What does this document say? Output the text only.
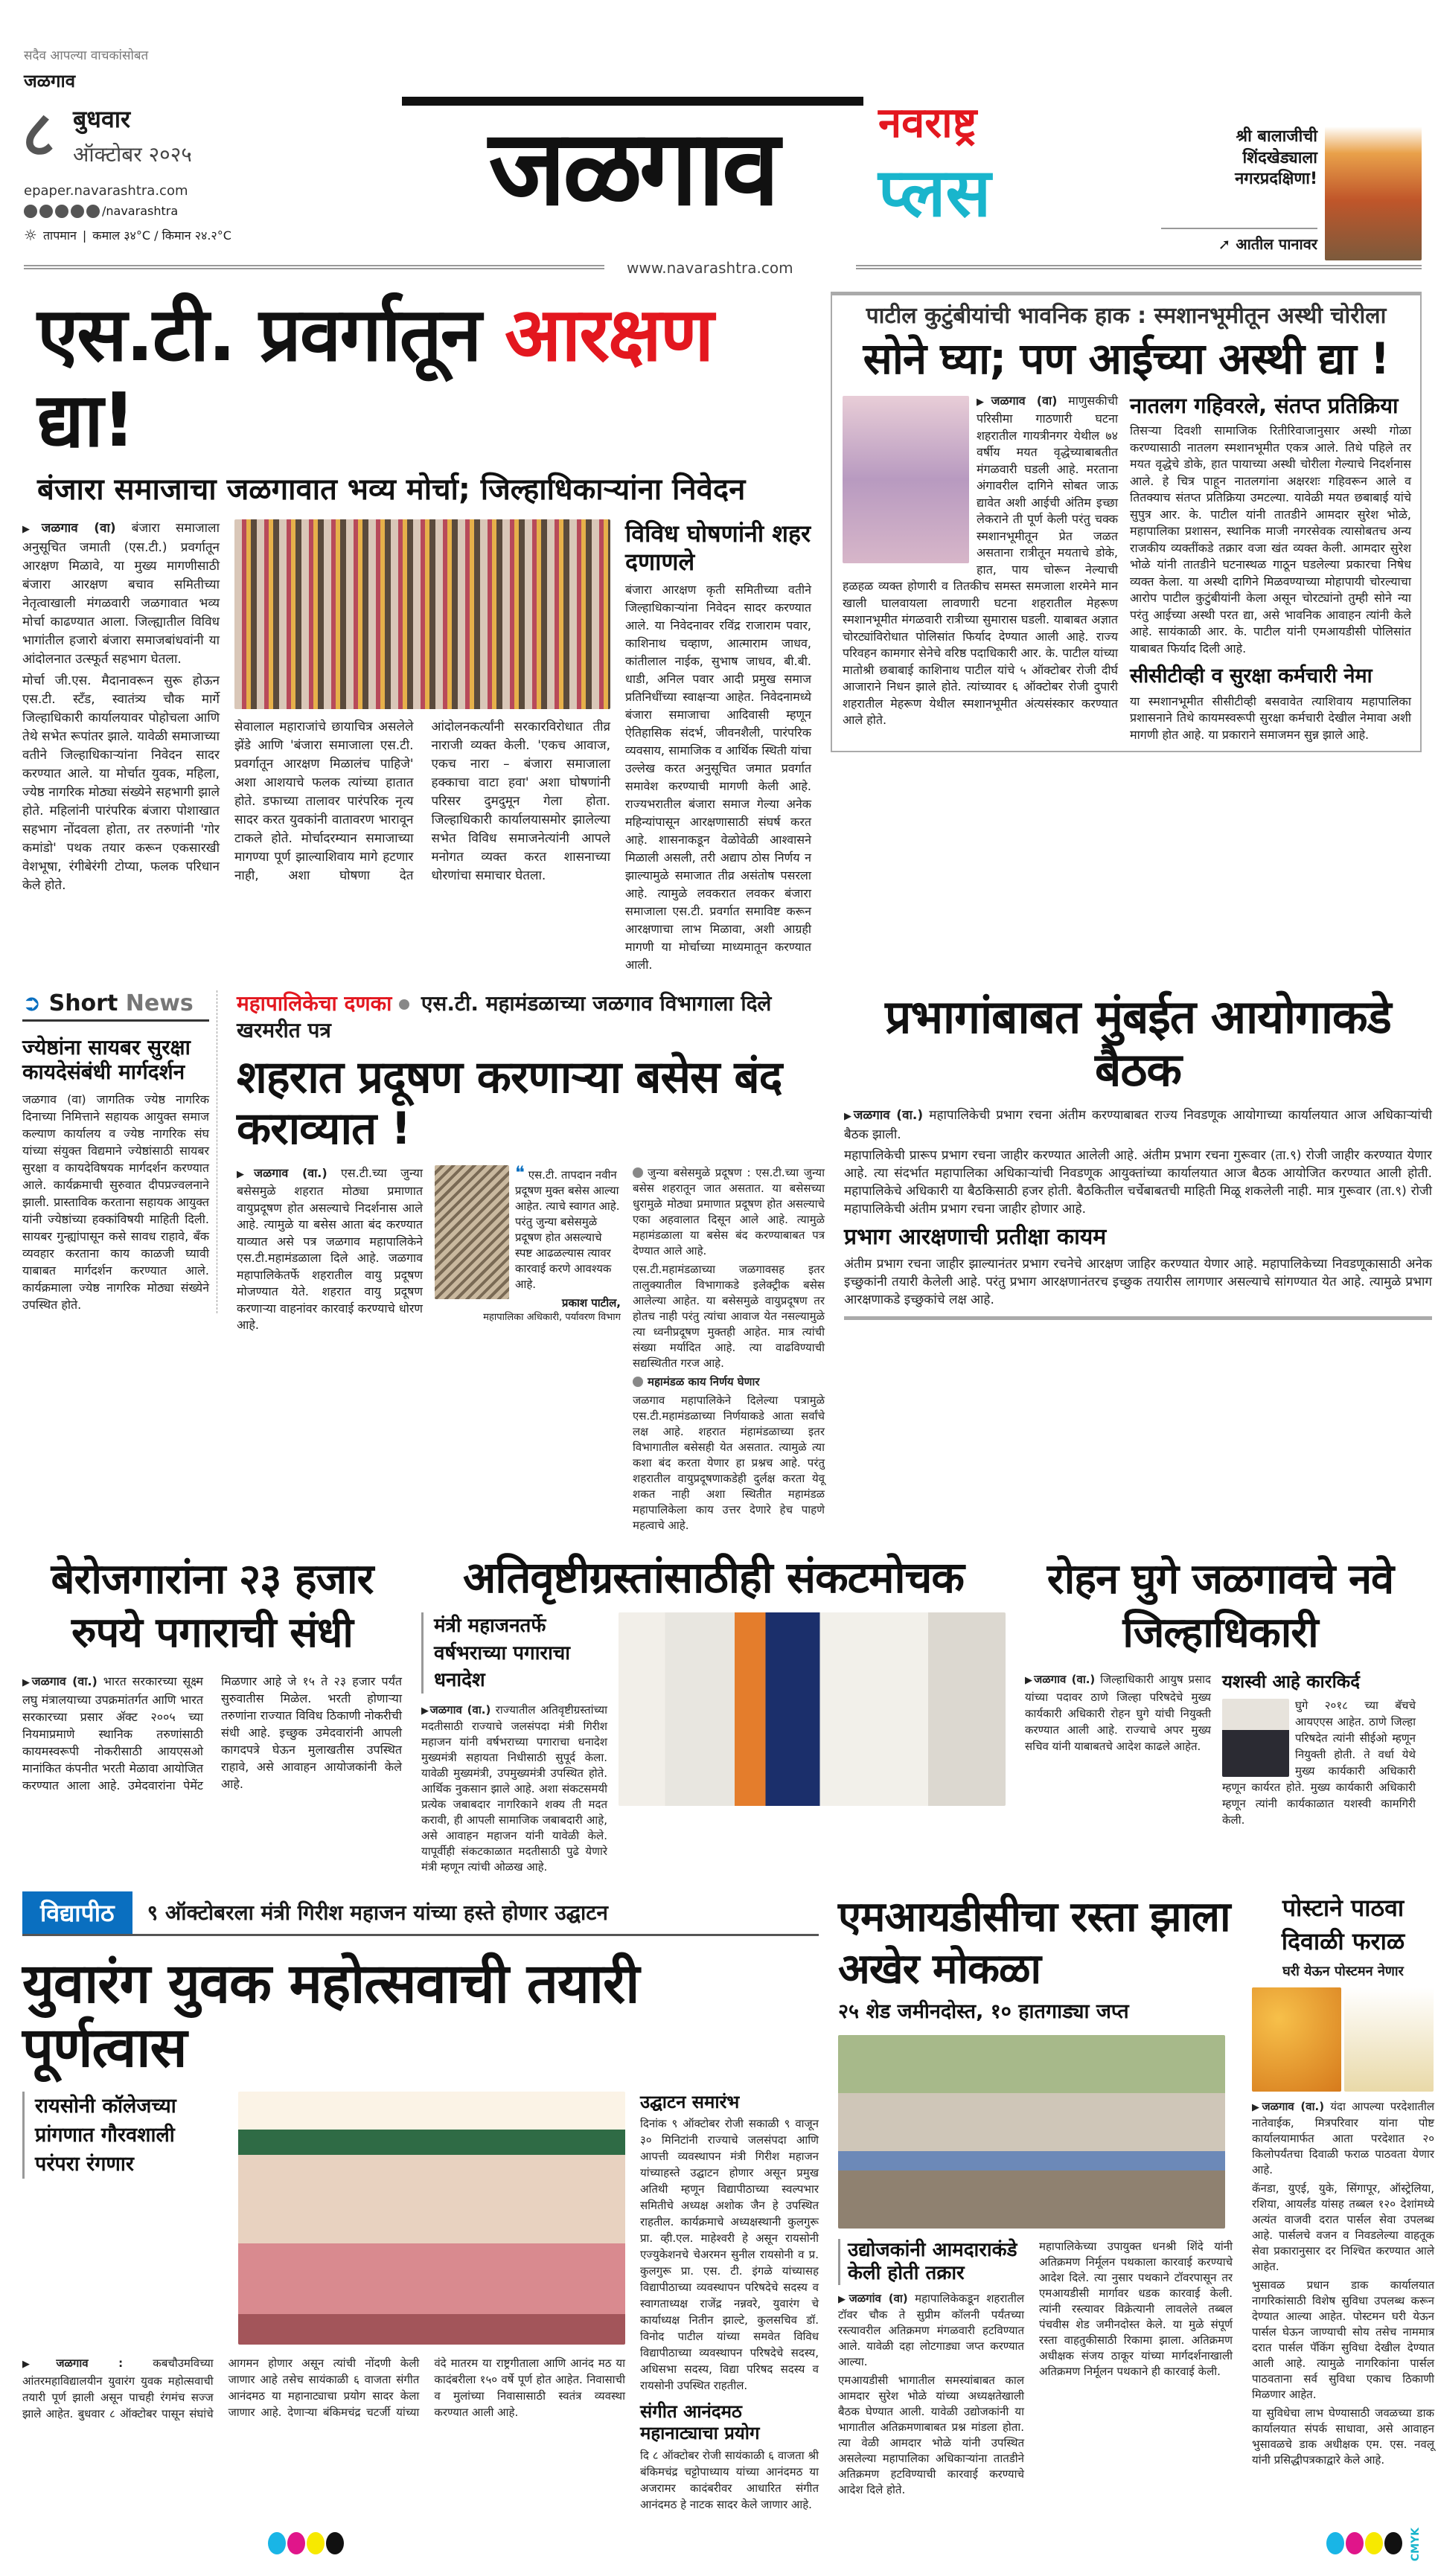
सदैव आपल्या वाचकांसोबत
जळगाव
८ बुधवार
ऑक्टोबर २०२५
epaper.navarashtra.com
/navarashtra
☼ तापमान | कमाल ३४°C / किमान २४.२°C
जळगाव	नवराष्ट्र
प्लस
श्री बालाजीची शिंदखेड्याला नगरप्रदक्षिणा!
➚ आतील पानावर
www.navarashtra.com
एस.टी. प्रवर्गातून आरक्षण द्या!
बंजारा समाजाचा जळगावात भव्य मोर्चा; जिल्हाधिकाऱ्यांना निवेदन

▶ जळगाव (वा) बंजारा समाजाला अनुसूचित जमाती (एस.टी.) प्रवर्गातून आरक्षण मिळावे, या मुख्य मागणीसाठी बंजारा आरक्षण बचाव समितीच्या नेतृत्वाखाली मंगळवारी जळगावात भव्य मोर्चा काढण्यात आला. जिल्ह्यातील विविध भागांतील हजारो बंजारा समाजबांधवांनी या आंदोलनात उत्स्फूर्त सहभाग घेतला.

मोर्चा जी.एस. मैदानावरून सुरू होऊन एस.टी. स्टँड, स्वातंत्र्य चौक मार्गे जिल्हाधिकारी कार्यालयावर पोहोचला आणि तेथे सभेत रूपांतर झाले. यावेळी समाजाच्या वतीने जिल्हाधिकाऱ्यांना निवेदन सादर करण्यात आले. या मोर्चात युवक, महिला, ज्येष्ठ नागरिक मोठ्या संख्येने सहभागी झाले होते. महिलांनी पारंपरिक बंजारा पोशाखात सहभाग नोंदवला होता, तर तरुणांनी 'गोर कमांडो' पथक तयार करून एकसारखी वेशभूषा, रंगीबेरंगी टोप्या, फलक परिधान केले होते.

सेवालाल महाराजांचे छायाचित्र असलेले झेंडे आणि 'बंजारा समाजाला एस.टी. प्रवर्गातून आरक्षण मिळालंच पाहिजे' अशा आशयाचे फलक त्यांच्या हातात होते. डफाच्या तालावर पारंपरिक नृत्य सादर करत युवकांनी वातावरण भारावून टाकले होते. मोर्चादरम्यान समाजाच्या मागण्या पूर्ण झाल्याशिवाय मागे हटणार नाही, अशा घोषणा देत आंदोलनकर्त्यांनी सरकारविरोधात तीव्र नाराजी व्यक्त केली. 'एकच आवाज, एकच नारा – बंजारा समाजाला हक्काचा वाटा हवा' अशा घोषणांनी परिसर दुमदुमून गेला होता. जिल्हाधिकारी कार्यालयासमोर झालेल्या सभेत विविध समाजनेत्यांनी आपले मनोगत व्यक्त करत शासनाच्या धोरणांचा समाचार घेतला.

विविध घोषणांनी शहर दणाणले
बंजारा आरक्षण कृती समितीच्या वतीने जिल्हाधिकाऱ्यांना निवेदन सादर करण्यात आले. या निवेदनावर रविंद्र राजाराम पवार, काशिनाथ चव्हाण, आत्माराम जाधव, कांतीलाल नाईक, सुभाष जाधव, बी.बी. धाडी, अनिल पवार आदी प्रमुख समाज प्रतिनिधींच्या स्वाक्षऱ्या आहेत. निवेदनामध्ये बंजारा समाजाचा आदिवासी म्हणून ऐतिहासिक संदर्भ, जीवनशैली, पारंपरिक व्यवसाय, सामाजिक व आर्थिक स्थिती यांचा उल्लेख करत अनुसूचित जमात प्रवर्गात समावेश करण्याची मागणी केली आहे. राज्यभरातील बंजारा समाज गेल्या अनेक महिन्यांपासून आरक्षणासाठी संघर्ष करत आहे. शासनाकडून वेळोवेळी आश्वासने मिळाली असली, तरी अद्याप ठोस निर्णय न झाल्यामुळे समाजात तीव्र असंतोष पसरला आहे. त्यामुळे लवकरात लवकर बंजारा समाजाला एस.टी. प्रवर्गात समाविष्ट करून आरक्षणाचा लाभ मिळावा, अशी आग्रही मागणी या मोर्चाच्या माध्यमातून करण्यात आली.
पाटील कुटुंबीयांची भावनिक हाक : स्मशानभूमीतून अस्थी चोरीला
सोने घ्या; पण आईच्या अस्थी द्या !
▶ जळगाव (वा) माणुसकीची परिसीमा गाठणारी घटना शहरातील गायत्रीनगर येथील ७४ वर्षीय मयत वृद्धेच्याबाबतीत मंगळवारी घडली आहे. मरताना अंगावरील दागिने सोबत जाऊ द्यावेत अशी आईची अंतिम इच्छा लेकराने ती पूर्ण केली परंतु चक्क स्मशानभूमीतून प्रेत जळत असताना रात्रीतून मयताचे डोके, हात, पाय चोरून नेल्याची हळहळ व्यक्त होणारी व तितकीच समस्त समजाला शरमेने मान खाली घालवायला लावणारी घटना शहरातील मेहरूण स्मशानभूमीत मंगळवारी रात्रीच्या सुमारास घडली. याबाबत अज्ञात चोरट्यांविरोधात पोलिसांत फिर्याद देण्यात आली आहे. राज्य परिवहन कामगार सेनेचे वरिष्ठ पदाधिकारी आर. के. पाटील यांच्या मातोश्री छबाबाई काशिनाथ पाटील यांचे ५ ऑक्टोबर रोजी दीर्घ आजाराने निधन झाले होते. त्यांच्यावर ६ ऑक्टोबर रोजी दुपारी शहरातील मेहरूण येथील स्मशानभूमीत अंत्यसंस्कार करण्यात आले होते.
नातलग गहिवरले, संतप्त प्रतिक्रिया
तिसऱ्या दिवशी सामाजिक रितीरिवाजानुसार अस्थी गोळा करण्यासाठी नातलग स्मशानभूमीत एकत्र आले. तिथे पहिले तर मयत वृद्धेचे डोके, हात पायाच्या अस्थी चोरीला गेल्याचे निदर्शनास आले. हे चित्र पाहून नातलगांना अक्षरशः गहिवरून आले व तितक्याच संतप्त प्रतिक्रिया उमटल्या. यावेळी मयत छबाबाई यांचे सुपुत्र आर. के. पाटील यांनी तातडीने आमदार सुरेश भोळे, महापालिका प्रशासन, स्थानिक माजी नगरसेवक त्यासोबतच अन्य राजकीय व्यक्तींकडे तक्रार वजा खंत व्यक्त केली. आमदार सुरेश भोळे यांनी तातडीने घटनास्थळ गाठून घडलेल्या प्रकारचा निषेध व्यक्त केला. या अस्थी दागिने मिळवण्याच्या मोहापायी चोरल्याचा आरोप पाटील कुटुंबीयांनी केला असून चोरट्यांनो तुम्ही सोने न्या परंतु आईच्या अस्थी परत द्या, असे भावनिक आवाहन त्यांनी केले आहे. सायंकाळी आर. के. पाटील यांनी एमआयडीसी पोलिसांत याबाबत फिर्याद दिली आहे.
सीसीटीव्ही व सुरक्षा कर्मचारी नेमा
या स्मशानभूमीत सीसीटीव्ही बसवावेत त्याशिवाय महापालिका प्रशासनाने तिथे कायमस्वरूपी सुरक्षा कर्मचारी देखील नेमावा अशी मागणी होत आहे. या प्रकाराने समाजमन सुन्न झाले आहे.
➲ Short News
ज्येष्ठांना सायबर सुरक्षा कायदेसंबंधी मार्गदर्शन
जळगाव (वा) जागतिक ज्येष्ठ नागरिक दिनाच्या निमित्ताने सहायक आयुक्त समाज कल्याण कार्यालय व ज्येष्ठ नागरिक संघ यांच्या संयुक्त विद्यमाने ज्येष्ठांसाठी सायबर सुरक्षा व कायदेविषयक मार्गदर्शन करण्यात आले. कार्यक्रमाची सुरुवात दीपप्रज्वलनाने झाली. प्रास्ताविक करताना सहायक आयुक्त यांनी ज्येष्ठांच्या हक्कांविषयी माहिती दिली. सायबर गुन्ह्यांपासून कसे सावध राहावे, बँक व्यवहार करताना काय काळजी घ्यावी याबाबत मार्गदर्शन करण्यात आले. कार्यक्रमाला ज्येष्ठ नागरिक मोठ्या संख्येने उपस्थित होते.
महापालिकेचा दणका एस.टी. महामंडळाच्या जळगाव विभागाला दिले खरमरीत पत्र
शहरात प्रदूषण करणाऱ्या बसेस बंद कराव्यात !
▶ जळगाव (वा.) एस.टी.च्या जुन्या बसेसमुळे शहरात मोठ्या प्रमाणात वायुप्रदूषण होत असल्याचे निदर्शनास आले आहे. त्यामुळे या बसेस आता बंद करण्यात याव्यात असे पत्र जळगाव महापालिकेने एस.टी.महामंडळाला दिले आहे. जळगाव महापालिकेतर्फे शहरातील वायु प्रदूषण मोजण्यात येते. शहरात वायु प्रदूषण करणाऱ्या वाहनांवर कारवाई करण्याचे धोरण आहे.
❝ एस.टी. तापदान नवीन प्रदूषण मुक्त बसेस आल्या आहेत. त्याचे स्वागत आहे. परंतु जुन्या बसेसमुळे प्रदूषण होत असल्याचे स्पष्ट आढळल्यास त्यावर कारवाई करणे आवश्यक आहे.
प्रकाश पाटील,
महापालिका अधिकारी, पर्यावरण विभाग

जुन्या बसेसमुळे प्रदूषण : एस.टी.च्या जुन्या बसेस शहरातून जात असतात. या बसेसच्या धुरामुळे मोठ्या प्रमाणात प्रदूषण होत असल्याचे एका अहवालात दिसून आले आहे. त्यामुळे महामंडळाला या बसेस बंद करण्याबाबत पत्र देण्यात आले आहे.

एस.टी.महामंडळाच्या जळगावसह इतर तालुक्यातील विभागाकडे इलेक्ट्रीक बसेस आलेल्या आहेत. या बसेसमुळे वायुप्रदूषण तर होतच नाही परंतु त्यांचा आवाज येत नसल्यामुळे त्या ध्वनीप्रदूषण मुक्तही आहेत. मात्र त्यांची संख्या मर्यादित आहे. त्या वाढविण्याची सद्यस्थितीत गरज आहे.

महामंडळ काय निर्णय घेणार

जळगाव महापालिकेने दिलेल्या पत्रामुळे एस.टी.महामंडळाच्या निर्णयाकडे आता सर्वांचे लक्ष आहे. शहरात मंहामंडळाच्या इतर विभागातील बसेसही येत असतात. त्यामुळे त्या कशा बंद करता येणार हा प्रश्नच आहे. परंतु शहरातील वायुप्रदूषणाकडेही दुर्लक्ष करता येवू शकत नाही अशा स्थितीत महामंडळ महापालिकेला काय उत्तर देणारे हेच पाहणे महत्वाचे आहे.

प्रभागांबाबत मुंबईत आयोगाकडे बैठक

▶ जळगाव (वा.) महापालिकेची प्रभाग रचना अंतीम करण्याबाबत राज्य निवडणूक आयोगाच्या कार्यालयात आज अधिकाऱ्यांची बैठक झाली.

महापालिकेची प्रारूप प्रभाग रचना जाहीर करण्यात आलेली आहे. अंतीम प्रभाग रचना गुरूवार (ता.९) रोजी जाहीर करण्यात येणार आहे. त्या संदर्भात महापालिका अधिकाऱ्यांची निवडणूक आयुक्तांच्या कार्यालयात आज बैठक आयोजित करण्यात आली होती. महापालिकेचे अधिकारी या बैठकिसाठी हजर होती. बैठकितील चर्चेबाबतची माहिती मिळू शकलेली नाही. मात्र गुरूवार (ता.९) रोजी महापालिकेची अंतीम प्रभाग रचना जाहीर होणार आहे.

प्रभाग आरक्षणाची प्रतीक्षा कायम
अंतीम प्रभाग रचना जाहीर झाल्यानंतर प्रभाग रचनेचे आरक्षण जाहिर करण्यात येणार आहे. महापालिकेच्या निवडणूकासाठी अनेक इच्छुकांनी तयारी केलेली आहे. परंतु प्रभाग आरक्षणानंतरच इच्छुक तयारीस लागणार असल्याचे सांगण्यात येत आहे. त्यामुळे प्रभाग आरक्षणाकडे इच्छुकांचे लक्ष आहे.
बेरोजगारांना २३ हजार रुपये पगाराची संधी
▶ जळगाव (वा.) भारत सरकारच्या सूक्ष्म लघु मंत्रालयाच्या उपक्रमांतर्गत आणि भारत सरकारच्या प्रसार ॲक्ट २००५ च्या नियमाप्रमाणे स्थानिक तरुणांसाठी कायमस्वरूपी नोकरीसाठी आयएसओ मानांकित कंपनीत भरती मेळावा आयोजित करण्यात आला आहे. उमेदवारांना पेमेंट मिळणार आहे जे १५ ते २३ हजार पर्यंत सुरुवातीस मिळेल. भरती होणाऱ्या तरुणांना राज्यात विविध ठिकाणी नोकरीची संधी आहे. इच्छुक उमेदवारांनी आपली कागदपत्रे घेऊन मुलाखतीस उपस्थित राहावे, असे आवाहन आयोजकांनी केले आहे.
अतिवृष्टीग्रस्तांसाठीही संकटमोचक
मंत्री महाजनतर्फे वर्षभराच्या पगाराचा धनादेश
▶ जळगाव (वा.) राज्यातील अतिवृष्टीग्रस्तांच्या मदतीसाठी राज्याचे जलसंपदा मंत्री गिरीश महाजन यांनी वर्षभराच्या पगाराचा धनादेश मुख्यमंत्री सहायता निधीसाठी सुपूर्द केला. यावेळी मुख्यमंत्री, उपमुख्यमंत्री उपस्थित होते. आर्थिक नुकसान झाले आहे. अशा संकटसमयी प्रत्येक जबाबदार नागरिकाने शक्य ती मदत करावी, ही आपली सामाजिक जबाबदारी आहे, असे आवाहन महाजन यांनी यावेळी केले. यापूर्वीही संकटकाळात मदतीसाठी पुढे येणारे मंत्री म्हणून त्यांची ओळख आहे.
रोहन घुगे जळगावचे नवे जिल्हाधिकारी
▶ जळगाव (वा.) जिल्हाधिकारी आयुष प्रसाद यांच्या पदावर ठाणे जिल्हा परिषदेचे मुख्य कार्यकारी अधिकारी रोहन घुगे यांची नियुक्ती करण्यात आली आहे. राज्याचे अपर मुख्य सचिव यांनी याबाबतचे आदेश काढले आहेत.
यशस्वी आहे कारकिर्द
घुगे २०१८ च्या बॅचचे आयएएस आहेत. ठाणे जिल्हा परिषदेत त्यांनी सीईओ म्हणून नियुक्ती होती. ते वर्धा येथे मुख्य कार्यकारी अधिकारी म्हणून कार्यरत होते. मुख्य कार्यकारी अधिकारी म्हणून त्यांनी कार्यकाळात यशस्वी कामगिरी केली.
विद्यापीठ	९ ऑक्टोबरला मंत्री गिरीश महाजन यांच्या हस्ते होणार उद्घाटन
युवारंग युवक महोत्सवाची तयारी पूर्णत्वास
रायसोनी कॉलेजच्या प्रांगणात गौरवशाली परंपरा रंगणार
▶ जळगाव :	कबचौउमविच्या आंतरमहाविद्यालयीन युवारंग युवक महोत्सवाची तयारी पूर्ण झाली असून पाचही रंगमंच सज्ज झाले आहेत. बुधवार ८ ऑक्टोबर पासून संघांचे आगमन होणार असून त्यांची नोंदणी केली जाणार आहे तसेच सायंकाळी ६ वाजता संगीत आनंदमठ या महानाट्याचा प्रयोग सादर केला जाणार आहे. देणाऱ्या बंकिमचंद्र चटर्जी यांच्या वंदे मातरम या राष्ट्रगीताला आणि आनंद मठ या कादंबरीला १५० वर्षे पूर्ण होत आहेत. निवासाची व मुलांच्या निवासासाठी स्वतंत्र व्यवस्था करण्यात आली आहे.
उद्घाटन समारंभ
दिनांक ९ ऑक्टोबर रोजी सकाळी ९ वाजून ३० मिनिटांनी राज्याचे जलसंपदा आणि आपत्ती व्यवस्थापन मंत्री गिरीश महाजन यांच्याहस्ते उद्घाटन होणार असून प्रमुख अतिथी म्हणून विद्यापीठाच्या स्वल्पभार समितीचे अध्यक्ष अशोक जैन हे उपस्थित राहतील. कार्यक्रमाचे अध्यक्षस्थानी कुलगुरू प्रा. व्ही.एल. माहेश्वरी हे असून रायसोनी एज्युकेशनचे चेअरमन सुनील रायसोनी व प्र. कुलगुरू प्रा. एस. टी. इंगळे यांच्यासह विद्यापीठाच्या व्यवस्थापन परिषदेचे सदस्य व स्वागताध्यक्ष राजेंद्र नन्नवरे, युवारंग चे कार्याध्यक्ष नितीन झाल्टे, कुलसचिव डॉ. विनोद पाटील यांच्या समवेत विविध विद्यापीठाच्या व्यवस्थापन परिषदेचे सदस्य, अधिसभा सदस्य, विद्या परिषद सदस्य व रायसोनी उपस्थित राहतील.
संगीत आनंदमठ महानाट्याचा प्रयोग
दि ८ ऑक्टोबर रोजी सायंकाळी ६ वाजता श्री बंकिमचंद्र चट्टोपाध्याय यांच्या आनंदमठ या अजरामर कादंबरीवर आधारित संगीत आनंदमठ हे नाटक सादर केले जाणार आहे.
एमआयडीसीचा रस्ता झाला अखेर मोकळा
२५ शेड जमीनदोस्त, १० हातगाड्या जप्त
उद्योजकांनी आमदाराकंडे केली होती तक्रार

▶ जळगांव (वा) महापालिकेकडून शहरातील टॉवर चौक ते सुप्रीम कॉलनी पर्यंतच्या रस्त्यावरील अतिक्रमण मंगळवारी हटविण्यात आले. यावेळी दहा लोटगाड्या जप्त करण्यात आल्या.

एमआयडीसी भागातील समस्यांबाबत काल आमदार सुरेश भोळे यांच्या अध्यक्षतेखाली बैठक घेण्यात आली. यावेळी उद्योजकांनी या भागातील अतिक्रमणाबाबत प्रश्न मांडला होता. त्या वेळी आमदार भोळे यांनी उपस्थित असलेल्या महापालिका अधिकाऱ्यांना तातडीने अतिक्रमण हटविण्याची कारवाई करण्याचे आदेश दिले होते.

महापालिकेच्या उपायुक्त धनश्री शिंदे यांनी अतिक्रमण निर्मूलन पथकाला कारवाई करण्याचे आदेश दिले. त्या नुसार पथकाने टॉवरपासून तर एमआयडीसी मार्गावर धडक कारवाई केली. त्यांनी रस्त्यावर विक्रेत्यानी लावलेले तब्बल पंचवीस शेड जमीनदोस्त केले. या मुळे संपूर्ण रस्ता वाहतुकीसाठी रिकामा झाला. अतिक्रमण अधीक्षक संजय ठाकूर यांच्या मार्गदर्शनाखाली अतिक्रमण निर्मूलन पथकाने ही कारवाई केली.
पोस्टाने पाठवा दिवाळी फराळ
घरी येऊन पोस्टमन नेणार

▶ जळगाव (वा.) यंदा आपल्या परदेशातील नातेवाईक, मित्रपरिवार यांना पोष्ट कार्यालयामार्फत आता परदेशात २० किलोपर्यंतचा दिवाळी फराळ पाठवता येणार आहे.

कॅनडा, युएई, युके, सिंगापूर, ऑस्ट्रेलिया, रशिया, आयर्लंड यांसह तब्बल १२० देशांमध्ये अत्यंत वाजवी दरात पार्सल सेवा उपलब्ध आहे. पार्सलचे वजन व निवडलेल्या वाहतूक सेवा प्रकारानुसार दर निश्चित करण्यात आले आहेत.

भुसावळ प्रधान डाक कार्यालयात नागरिकांसाठी विशेष सुविधा उपलब्ध करून देण्यात आल्या आहेत. पोस्टमन घरी येऊन पार्सल घेऊन जाण्याची सोय तसेच नाममात्र दरात पार्सल पॅकिंग सुविधा देखील देण्यात आली आहे. त्यामुळे नागरिकांना पार्सल पाठवताना सर्व सुविधा एकाच ठिकाणी मिळणार आहेत.

या सुविधेचा लाभ घेण्यासाठी जवळच्या डाक कार्यालयात संपर्क साधावा, असे आवाहन भुसावळचे डाक अधीक्षक एम. एस. नवलू यांनी प्रसिद्धीपत्रकाद्वारे केले आहे.

CMYK
